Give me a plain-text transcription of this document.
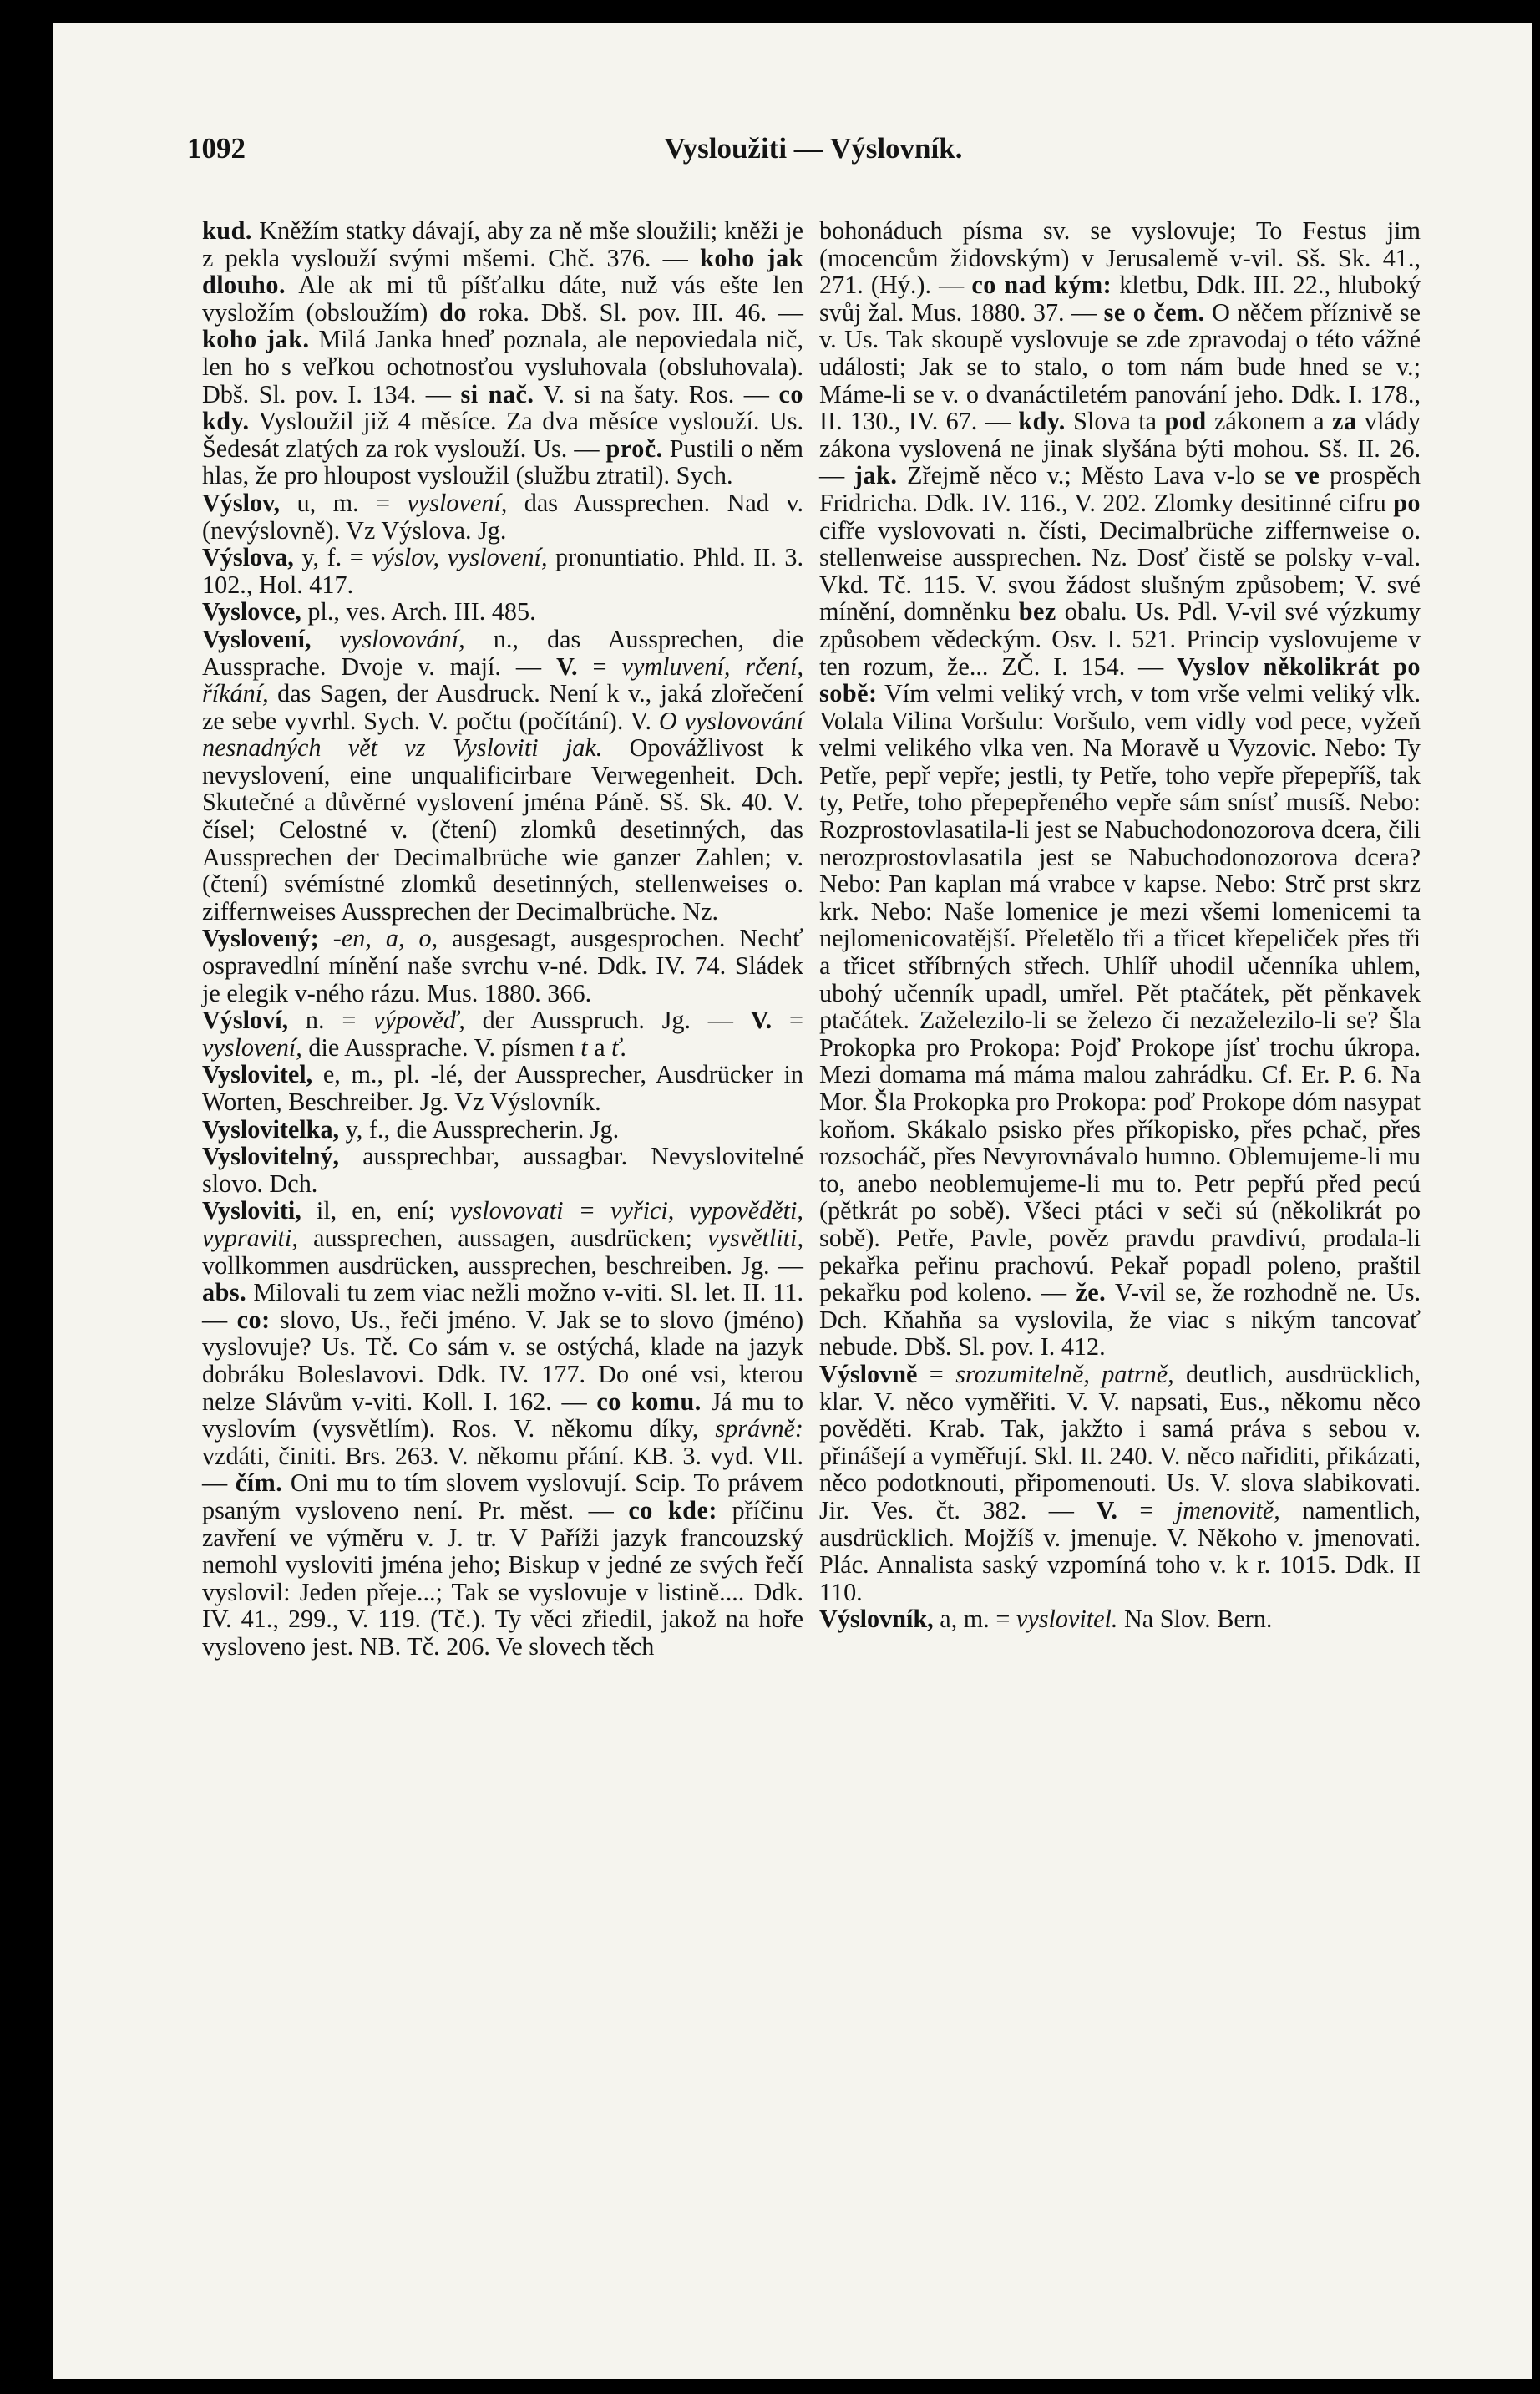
1092	Vysloužiti — Výslovník.

kud. Kněžím statky dávají, aby za ně mše sloužili; kněži je z pekla vyslouží svými mšemi. Chč. 376. — koho jak dlouho. Ale ak mi tů píšťalku dáte, nuž vás ešte len vysložím (obsloužím) do roka. Dbš. Sl. pov. III. 46. — koho jak. Milá Janka hneď poznala, ale nepoviedala nič, len ho s veľkou ochotnosťou vysluhovala (obsluhovala). Dbš. Sl. pov. I. 134. — si nač. V. si na šaty. Ros. — co kdy. Vysloužil již 4 měsíce. Za dva měsíce vyslouží. Us. Šedesát zlatých za rok vyslouží. Us. — proč. Pustili o něm hlas, že pro hloupost vysloužil (službu ztratil). Sych.

Výslov, u, m. = vyslovení, das Aussprechen. Nad v. (nevýslovně). Vz Výslova. Jg.

Výslova, y, f. = výslov, vyslovení, pronuntiatio. Phld. II. 3. 102., Hol. 417.

Vyslovce, pl., ves. Arch. III. 485.

Vyslovení, vyslovování, n., das Aussprechen, die Aussprache. Dvoje v. mají. — V. = vymluvení, rčení, říkání, das Sagen, der Ausdruck. Není k v., jaká zlořečení ze sebe vyvrhl. Sych. V. počtu (počítání). V. O vyslovování nesnadných vět vz Vysloviti jak. Opovážlivost k nevyslovení, eine unqualificirbare Verwegenheit. Dch. Skutečné a důvěrné vyslovení jména Páně. Sš. Sk. 40. V. čísel; Celostné v. (čtení) zlomků desetinných, das Aussprechen der Decimalbrüche wie ganzer Zahlen; v. (čtení) svémístné zlomků desetinných, stellenweises o. ziffernweises Aussprechen der Decimalbrüche. Nz.

Vyslovený; -en, a, o, ausgesagt, ausgesprochen. Nechť ospravedlní mínění naše svrchu v-né. Ddk. IV. 74. Sládek je elegik v-ného rázu. Mus. 1880. 366.

Výsloví, n. = výpověď, der Ausspruch. Jg. — V. = vyslovení, die Aussprache. V. písmen t a ť.

Vyslovitel, e, m., pl. -lé, der Aussprecher, Ausdrücker in Worten, Beschreiber. Jg. Vz Výslovník.

Vyslovitelka, y, f., die Aussprecherin. Jg.

Vyslovitelný, aussprechbar, aussagbar. Nevyslovitelné slovo. Dch.

Vysloviti, il, en, ení; vyslovovati = vyřici, vypověděti, vypraviti, aussprechen, aussagen, ausdrücken; vysvětliti, vollkommen ausdrücken, aussprechen, beschreiben. Jg. — abs. Milovali tu zem viac nežli možno v-viti. Sl. let. II. 11. — co: slovo, Us., řeči jméno. V. Jak se to slovo (jméno) vyslovuje? Us. Tč. Co sám v. se ostýchá, klade na jazyk dobráku Boleslavovi. Ddk. IV. 177. Do oné vsi, kterou nelze Slávům v-viti. Koll. I. 162. — co komu. Já mu to vyslovím (vysvětlím). Ros. V. někomu díky, správně: vzdáti, činiti. Brs. 263. V. někomu přání. KB. 3. vyd. VII. — čím. Oni mu to tím slovem vyslovují. Scip. To právem psaným vysloveno není. Pr. měst. — co kde: příčinu zavření ve výměru v. J. tr. V Paříži jazyk francouzský nemohl vysloviti jména jeho; Biskup v jedné ze svých řečí vyslovil: Jeden přeje...; Tak se vyslovuje v listině.... Ddk. IV. 41., 299., V. 119. (Tč.). Ty věci zřiedil, jakož na hoře vysloveno jest. NB. Tč. 206. Ve slovech těch

bohonáduch písma sv. se vyslovuje; To Festus jim (mocencům židovským) v Jerusalemě v-vil. Sš. Sk. 41., 271. (Hý.). — co nad kým: kletbu, Ddk. III. 22., hluboký svůj žal. Mus. 1880. 37. — se o čem. O něčem příznivě se v. Us. Tak skoupě vyslovuje se zde zpravodaj o této vážné události; Jak se to stalo, o tom nám bude hned se v.; Máme-li se v. o dvanáctiletém panování jeho. Ddk. I. 178., II. 130., IV. 67. — kdy. Slova ta pod zákonem a za vlády zákona vyslovená ne jinak slyšána býti mohou. Sš. II. 26. — jak. Zřejmě něco v.; Město Lava v-lo se ve prospěch Fridricha. Ddk. IV. 116., V. 202. Zlomky desitinné cifru po cifře vyslovovati n. čísti, Decimalbrüche ziffernweise o. stellenweise aussprechen. Nz. Dosť čistě se polsky v-val. Vkd. Tč. 115. V. svou žádost slušným způsobem; V. své mínění, domněnku bez obalu. Us. Pdl. V-vil své výzkumy způsobem vědeckým. Osv. I. 521. Princip vyslovujeme v ten rozum, že... ZČ. I. 154. — Vyslov několikrát po sobě: Vím velmi veliký vrch, v tom vrše velmi veliký vlk. Volala Vilina Voršulu: Voršulo, vem vidly vod pece, vyžeň velmi velikého vlka ven. Na Moravě u Vyzovic. Nebo: Ty Petře, pepř vepře; jestli, ty Petře, toho vepře přepepříš, tak ty, Petře, toho přepepřeného vepře sám snísť musíš. Nebo: Rozprostovlasatila-li jest se Nabuchodonozorova dcera, čili nerozprostovlasatila jest se Nabuchodonozorova dcera? Nebo: Pan kaplan má vrabce v kapse. Nebo: Strč prst skrz krk. Nebo: Naše lomenice je mezi všemi lomenicemi ta nejlomenicovatější. Přeletělo tři a třicet křepeliček přes tři a třicet stříbrných střech. Uhlíř uhodil učenníka uhlem, ubohý učenník upadl, umřel. Pět ptačátek, pět pěnkavek ptačátek. Zaželezilo-li se železo či nezaželezilo-li se? Šla Prokopka pro Prokopa: Pojď Prokope jísť trochu úkropa. Mezi domama má máma malou zahrádku. Cf. Er. P. 6. Na Mor. Šla Prokopka pro Prokopa: poď Prokope dóm nasypat koňom. Skákalo psisko přes příkopisko, přes pchač, přes rozsocháč, přes Nevyrovnávalo humno. Oblemujeme-li mu to, anebo neoblemujeme-li mu to. Petr pepřú před pecú (pětkrát po sobě). Všeci ptáci v seči sú (několikrát po sobě). Petře, Pavle, pověz pravdu pravdivú, prodala-li pekařka peřinu prachovú. Pekař popadl poleno, praštil pekařku pod koleno. — že. V-vil se, že rozhodně ne. Us. Dch. Kňahňa sa vyslovila, že viac s nikým tancovať nebude. Dbš. Sl. pov. I. 412.

Výslovně = srozumitelně, patrně, deutlich, ausdrücklich, klar. V. něco vyměřiti. V. V. napsati, Eus., někomu něco pověděti. Krab. Tak, jakžto i samá práva s sebou v. přinášejí a vyměřují. Skl. II. 240. V. něco nařiditi, přikázati, něco podotknouti, připomenouti. Us. V. slova slabikovati. Jir. Ves. čt. 382. — V. = jmenovitě, namentlich, ausdrücklich. Mojžíš v. jmenuje. V. Někoho v. jmenovati. Plác. Annalista saský vzpomíná toho v. k r. 1015. Ddk. II 110.

Výslovník, a, m. = vyslovitel. Na Slov. Bern.
